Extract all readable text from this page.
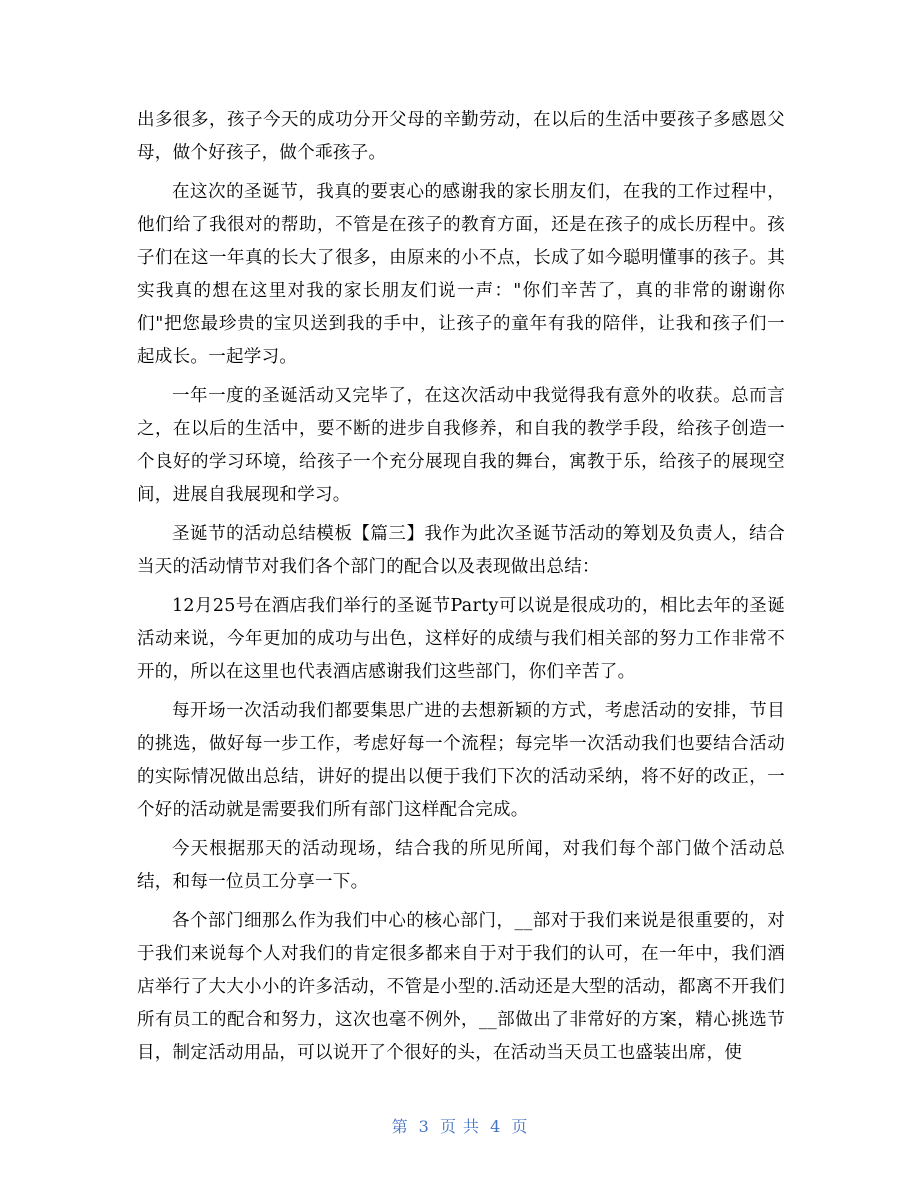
出多很多，孩子今天的成功分开父母的辛勤劳动，在以后的生活中要孩子多感恩父母，做个好孩子，做个乖孩子。

在这次的圣诞节，我真的要衷心的感谢我的家长朋友们，在我的工作过程中，他们给了我很对的帮助，不管是在孩子的教育方面，还是在孩子的成长历程中。孩子们在这一年真的长大了很多，由原来的小不点，长成了如今聪明懂事的孩子。其实我真的想在这里对我的家长朋友们说一声："你们辛苦了，真的非常的谢谢你们"把您最珍贵的宝贝送到我的手中，让孩子的童年有我的陪伴，让我和孩子们一起成长。一起学习。

一年一度的圣诞活动又完毕了，在这次活动中我觉得我有意外的收获。总而言之，在以后的生活中，要不断的进步自我修养，和自我的教学手段，给孩子创造一个良好的学习环境，给孩子一个充分展现自我的舞台，寓教于乐，给孩子的展现空间，进展自我展现和学习。

圣诞节的活动总结模板【篇三】我作为此次圣诞节活动的筹划及负责人，结合当天的活动情节对我们各个部门的配合以及表现做出总结：

12月25号在酒店我们举行的圣诞节Party可以说是很成功的，相比去年的圣诞活动来说，今年更加的成功与出色，这样好的成绩与我们相关部的努力工作非常不开的，所以在这里也代表酒店感谢我们这些部门，你们辛苦了。

每开场一次活动我们都要集思广进的去想新颖的方式，考虑活动的安排，节目的挑选，做好每一步工作，考虑好每一个流程；每完毕一次活动我们也要结合活动的实际情况做出总结，讲好的提出以便于我们下次的活动采纳，将不好的改正，一个好的活动就是需要我们所有部门这样配合完成。

今天根据那天的活动现场，结合我的所见所闻，对我们每个部门做个活动总结，和每一位员工分享一下。

各个部门细那么作为我们中心的核心部门，__部对于我们来说是很重要的，对于我们来说每个人对我们的肯定很多都来自于对于我们的认可，在一年中，我们酒店举行了大大小小的许多活动，不管是小型的.活动还是大型的活动，都离不开我们所有员工的配合和努力，这次也毫不例外，__部做出了非常好的方案，精心挑选节目，制定活动用品，可以说开了个很好的头，在活动当天员工也盛装出席，使

第 3 页 共 4 页
